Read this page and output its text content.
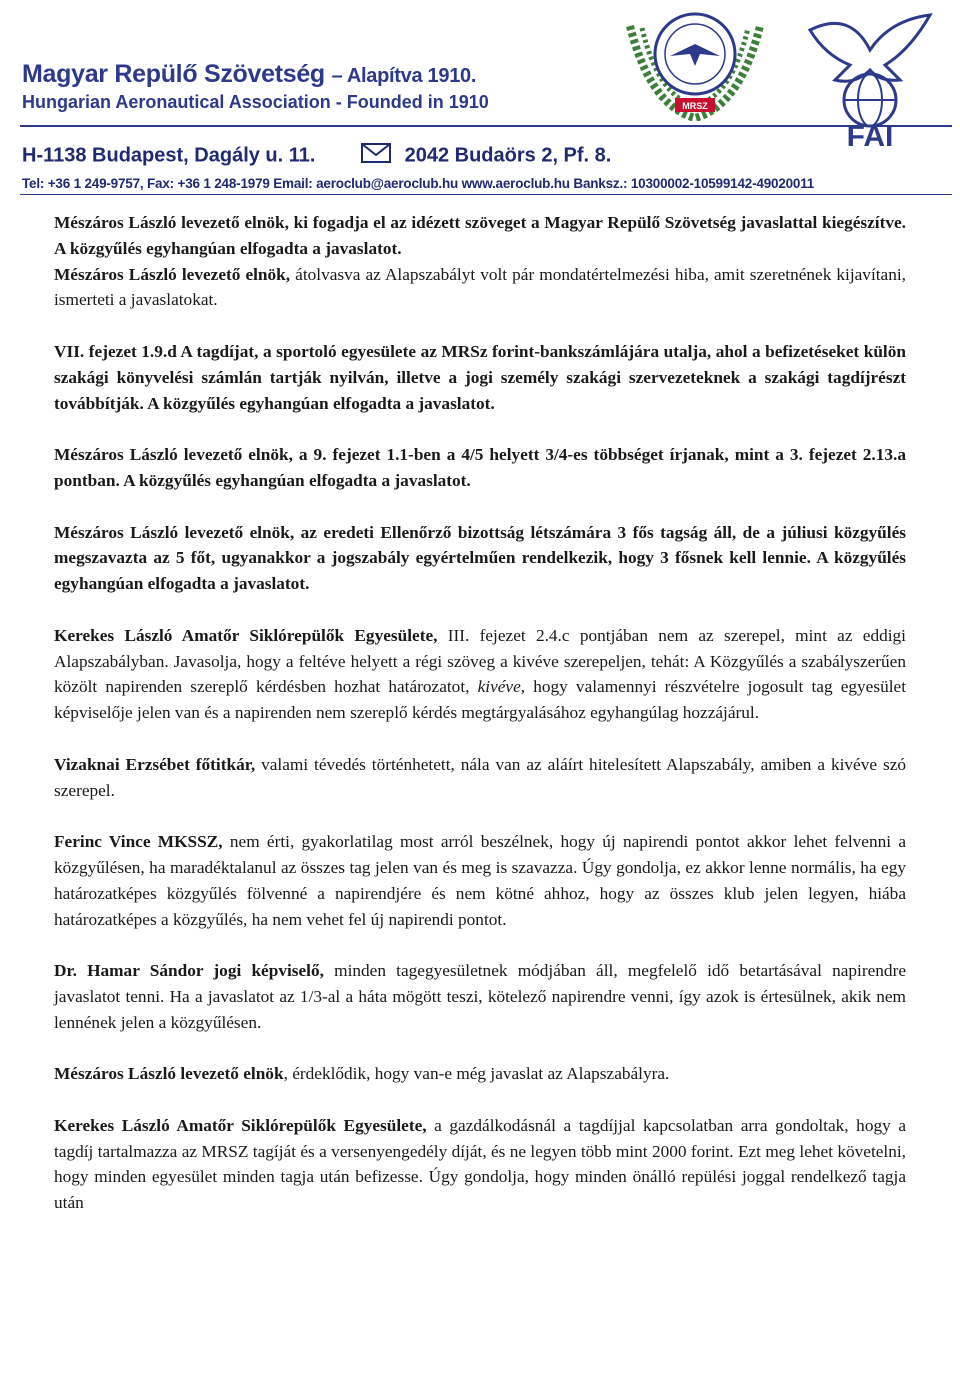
Magyar Repülő Szövetség – Alapítva 1910.
Hungarian Aeronautical Association - Founded in 1910
H-1138 Budapest, Dagály u. 11.	2042 Budaörs 2, Pf. 8.
Tel: +36 1 249-9757, Fax: +36 1 248-1979 Email: aeroclub@aeroclub.hu www.aeroclub.hu Banksz.: 10300002-10599142-49020011
MRSZ
FAI

Mészáros László levezető elnök, ki fogadja el az idézett szöveget a Magyar Repülő Szövetség javaslattal kiegészítve. A közgyűlés egyhangúan elfogadta a javaslatot.

Mészáros László levezető elnök, átolvasva az Alapszabályt volt pár mondatértelmezési hiba, amit szeretnének kijavítani, ismerteti a javaslatokat.

VII. fejezet 1.9.d A tagdíjat, a sportoló egyesülete az MRSz forint-bankszámlájára utalja, ahol a befizetéseket külön szakági könyvelési számlán tartják nyilván, illetve a jogi személy szakági szervezeteknek a szakági tagdíjrészt továbbítják. A közgyűlés egyhangúan elfogadta a javaslatot.

Mészáros László levezető elnök, a 9. fejezet 1.1-ben a 4/5 helyett 3/4-es többséget írjanak, mint a 3. fejezet 2.13.a pontban. A közgyűlés egyhangúan elfogadta a javaslatot.

Mészáros László levezető elnök, az eredeti Ellenőrző bizottság létszámára 3 fős tagság áll, de a júliusi közgyűlés megszavazta az 5 főt, ugyanakkor a jogszabály egyértelműen rendelkezik, hogy 3 fősnek kell lennie. A közgyűlés egyhangúan elfogadta a javaslatot.

Kerekes László Amatőr Siklórepülők Egyesülete, III. fejezet 2.4.c pontjában nem az szerepel, mint az eddigi Alapszabályban. Javasolja, hogy a feltéve helyett a régi szöveg a kivéve szerepeljen, tehát: A Közgyűlés a szabályszerűen közölt napirenden szereplő kérdésben hozhat határozatot, kivéve, hogy valamennyi részvételre jogosult tag egyesület képviselője jelen van és a napirenden nem szereplő kérdés megtárgyalásához egyhangúlag hozzájárul.

Vizaknai Erzsébet főtitkár, valami tévedés történhetett, nála van az aláírt hitelesített Alapszabály, amiben a kivéve szó szerepel.

Ferinc Vince MKSSZ, nem érti, gyakorlatilag most arról beszélnek, hogy új napirendi pontot akkor lehet felvenni a közgyűlésen, ha maradéktalanul az összes tag jelen van és meg is szavazza. Úgy gondolja, ez akkor lenne normális, ha egy határozatképes közgyűlés fölvenné a napirendjére és nem kötné ahhoz, hogy az összes klub jelen legyen, hiába határozatképes a közgyűlés, ha nem vehet fel új napirendi pontot.

Dr. Hamar Sándor jogi képviselő, minden tagegyesületnek módjában áll, megfelelő idő betartásával napirendre javaslatot tenni. Ha a javaslatot az 1/3-al a háta mögött teszi, kötelező napirendre venni, így azok is értesülnek, akik nem lennének jelen a közgyűlésen.

Mészáros László levezető elnök, érdeklődik, hogy van-e még javaslat az Alapszabályra.

Kerekes László Amatőr Siklórepülők Egyesülete, a gazdálkodásnál a tagdíjjal kapcsolatban arra gondoltak, hogy a tagdíj tartalmazza az MRSZ tagíját és a versenyengedély díját, és ne legyen több mint 2000 forint. Ezt meg lehet követelni, hogy minden egyesület minden tagja után befizesse. Úgy gondolja, hogy minden önálló repülési joggal rendelkező tagja után
